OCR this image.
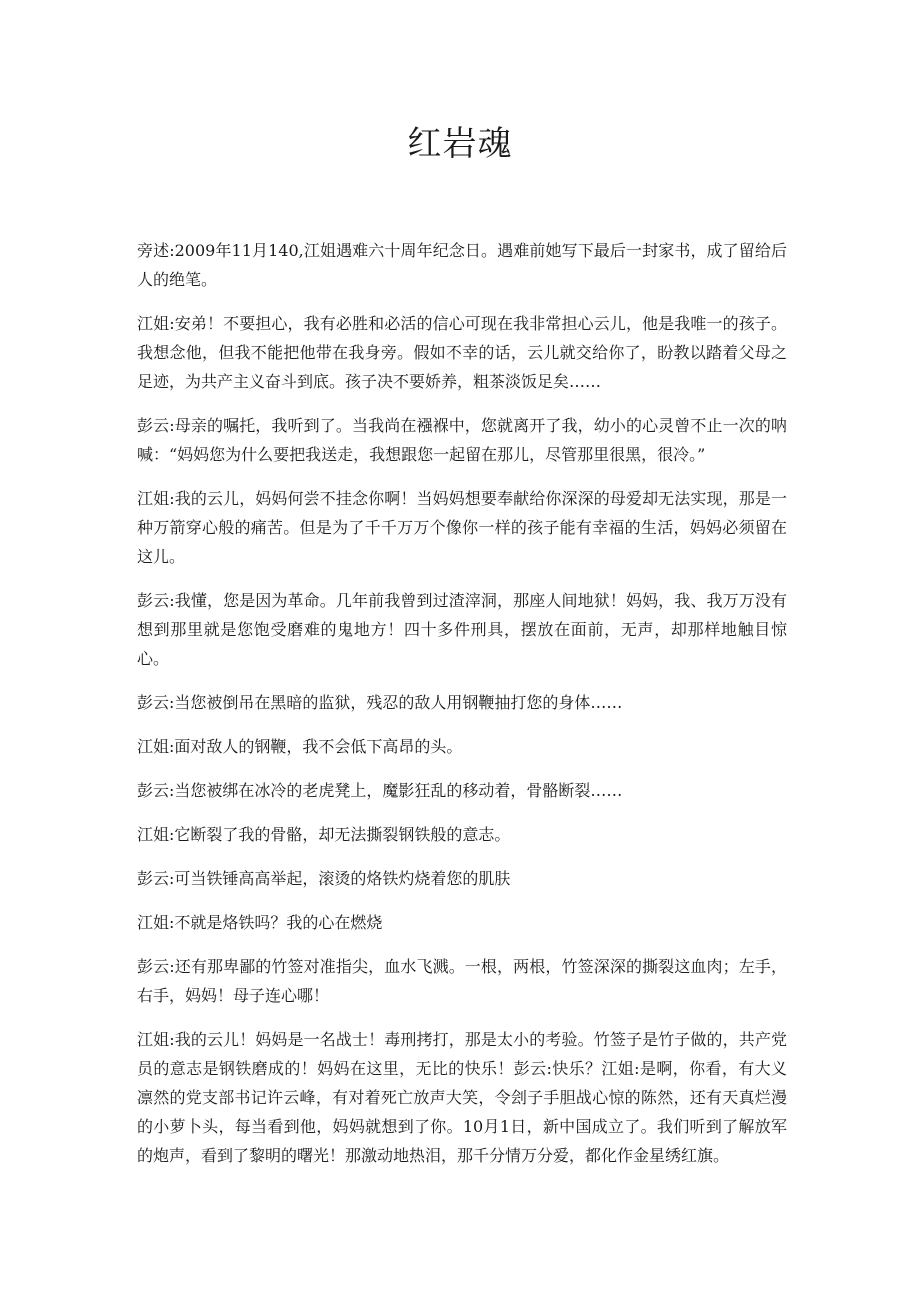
红岩魂

旁述:2009年11月140,江姐遇难六十周年纪念日。遇难前她写下最后一封家书，成了留给后人的绝笔。

江姐:安弟！不要担心，我有必胜和必活的信心可现在我非常担心云儿，他是我唯一的孩子。我想念他，但我不能把他带在我身旁。假如不幸的话，云儿就交给你了，盼教以踏着父母之足迹，为共产主义奋斗到底。孩子决不要娇养，粗茶淡饭足矣……

彭云:母亲的嘱托，我听到了。当我尚在襁褓中，您就离开了我，幼小的心灵曾不止一次的呐喊：“妈妈您为什么要把我送走，我想跟您一起留在那儿，尽管那里很黑，很冷。”

江姐:我的云儿，妈妈何尝不挂念你啊！当妈妈想要奉献给你深深的母爱却无法实现，那是一种万箭穿心般的痛苦。但是为了千千万万个像你一样的孩子能有幸福的生活，妈妈必须留在这儿。

彭云:我懂，您是因为革命。几年前我曾到过渣滓洞，那座人间地狱！妈妈，我、我万万没有想到那里就是您饱受磨难的鬼地方！四十多件刑具，摆放在面前，无声，却那样地触目惊心。

彭云:当您被倒吊在黑暗的监狱，残忍的敌人用钢鞭抽打您的身体……

江姐:面对敌人的钢鞭，我不会低下高昂的头。

彭云:当您被绑在冰冷的老虎凳上，魔影狂乱的移动着，骨骼断裂……

江姐:它断裂了我的骨骼，却无法撕裂钢铁般的意志。

彭云:可当铁锤高高举起，滚烫的烙铁灼烧着您的肌肤

江姐:不就是烙铁吗？我的心在燃烧

彭云:还有那卑鄙的竹签对准指尖，血水飞溅。一根，两根，竹签深深的撕裂这血肉；左手，右手，妈妈！母子连心哪！

江姐:我的云儿！妈妈是一名战士！毒刑拷打，那是太小的考验。竹签子是竹子做的，共产党员的意志是钢铁磨成的！妈妈在这里，无比的快乐！彭云:快乐？江姐:是啊，你看，有大义凛然的党支部书记许云峰，有对着死亡放声大笑，令刽子手胆战心惊的陈然，还有天真烂漫的小萝卜头，每当看到他，妈妈就想到了你。10月1日，新中国成立了。我们听到了解放军的炮声，看到了黎明的曙光！那激动地热泪，那千分情万分爱，都化作金星绣红旗。
